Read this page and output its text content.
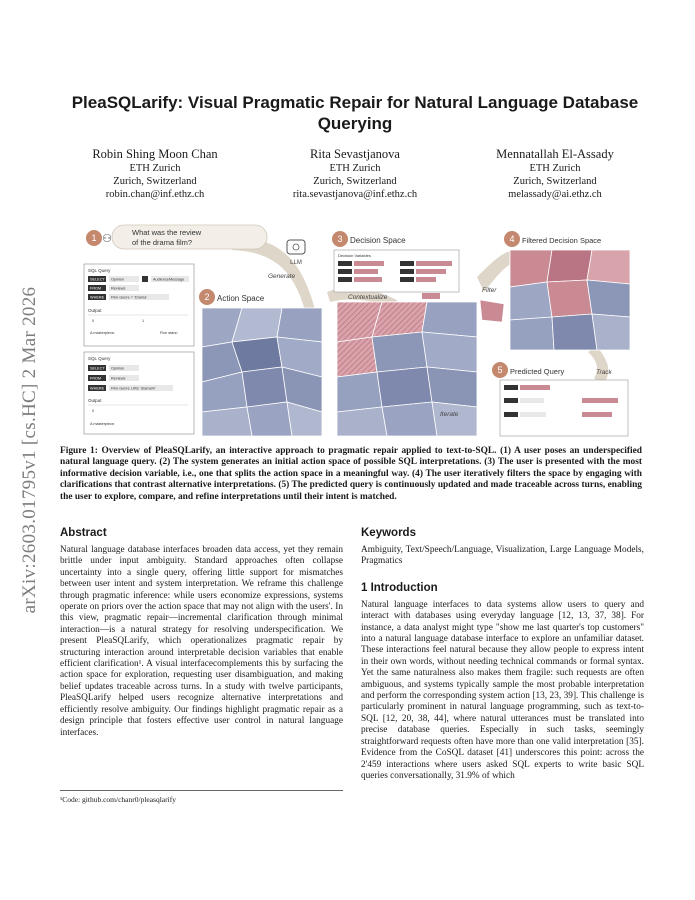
arXiv:2603.01795v1 [cs.HC] 2 Mar 2026
PleaSQLarify: Visual Pragmatic Repair for Natural Language Database Querying
Robin Shing Moon Chan
ETH Zurich
Zurich, Switzerland
robin.chan@inf.ethz.ch
Rita Sevastjanova
ETH Zurich
Zurich, Switzerland
rita.sevastjanova@inf.ethz.ch
Mennatallah El-Assady
ETH Zurich
Zurich, Switzerland
melassady@ai.ethz.ch
1 ⚇
What was the review
of the drama film?
LLM
Generate
SQL Query
SELECT Opinion	AudienceMessage
FROM	Reviews
WHERE Film.Genre = 'Drama'
Output
0	1
A masterpiece.	Five stars!
SQL Query
SELECT Opinion
FROM	Reviews
WHERE Film.Genre LIKE 'drama%'
Output
0
A masterpiece.
2 Action Space
3 Decision Space
Decision Variables
Contextualize
Filter
4 Filtered Decision Space
5 Predicted Query	Track
Iterate
Figure 1: Overview of PleaSQLarify, an interactive approach to pragmatic repair applied to text-to-SQL. (1) A user poses an underspecified natural language query. (2) The system generates an initial action space of possible SQL interpretations. (3) The user is presented with the most informative decision variable, i.e., one that splits the action space in a meaningful way. (4) The user iteratively filters the space by engaging with clarifications that contrast alternative interpretations. (5) The predicted query is continuously updated and made traceable across turns, enabling the user to explore, compare, and refine interpretations until their intent is matched.
Abstract

Natural language database interfaces broaden data access, yet they remain brittle under input ambiguity. Standard approaches often collapse uncertainty into a single query, offering little support for mismatches between user intent and system interpretation. We reframe this challenge through pragmatic inference: while users economize expressions, systems operate on priors over the action space that may not align with the users'. In this view, pragmatic repair—incremental clarification through minimal interaction—is a natural strategy for resolving underspecification. We present PleaSQLarify, which operationalizes pragmatic repair by structuring interaction around interpretable decision variables that enable efficient clarification¹. A visual interfacecomplements this by surfacing the action space for exploration, requesting user disambiguation, and making belief updates traceable across turns. In a study with twelve participants, PleaSQLarify helped users recognize alternative interpretations and efficiently resolve ambiguity. Our findings highlight pragmatic repair as a design principle that fosters effective user control in natural language interfaces.

¹Code: github.com/chanr0/pleasqlarify
Keywords

Ambiguity, Text/Speech/Language, Visualization, Large Language Models, Pragmatics

1 Introduction

Natural language interfaces to data systems allow users to query and interact with databases using everyday language [12, 13, 37, 38]. For instance, a data analyst might type "show me last quarter's top customers" into a natural language database interface to explore an unfamiliar dataset. These interactions feel natural because they allow people to express intent in their own words, without needing technical commands or formal syntax. Yet the same naturalness also makes them fragile: such requests are often ambiguous, and systems typically sample the most probable interpretation and perform the corresponding system action [13, 23, 39]. This challenge is particularly prominent in natural language programming, such as text-to-SQL [12, 20, 38, 44], where natural utterances must be translated into precise database queries. Especially in such tasks, seemingly straightforward requests often have more than one valid interpretation [35]. Evidence from the CoSQL dataset [41] underscores this point: across the 2'459 interactions where users asked SQL experts to write basic SQL queries conversationally, 31.9% of which
